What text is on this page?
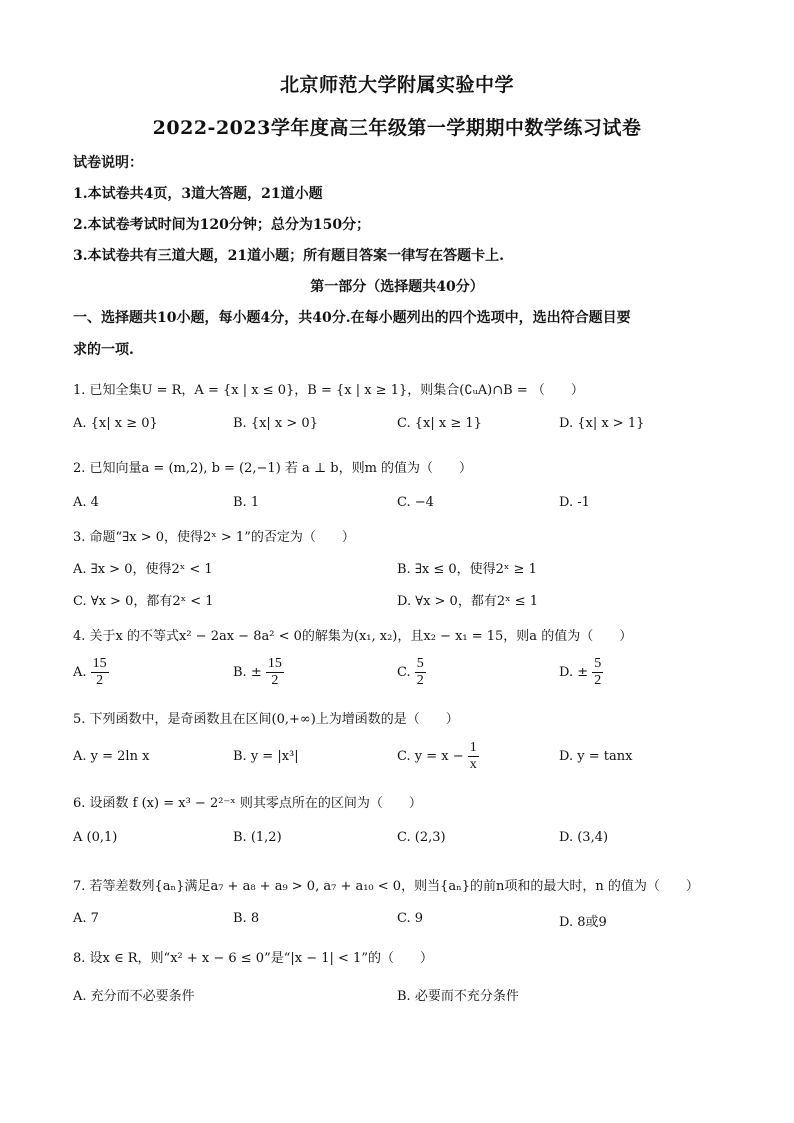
北京师范大学附属实验中学
2022-2023学年度高三年级第一学期期中数学练习试卷
试卷说明：
1.本试卷共4页，3道大答题，21道小题
2.本试卷考试时间为120分钟；总分为150分；
3.本试卷共有三道大题，21道小题；所有题目答案一律写在答题卡上.
第一部分（选择题共40分）
一、选择题共10小题，每小题4分，共40分.在每小题列出的四个选项中，选出符合题目要
求的一项.
1. 已知全集U = R，A = {x | x ≤ 0}，B = {x | x ≥ 1}，则集合(∁ᵤA)∩B = （　　）
A. {x| x ≥ 0}	B. {x| x > 0}	C. {x| x ≥ 1}	D. {x| x > 1}
2. 已知向量a = (m,2), b = (2,−1) 若 a ⊥ b，则m 的值为（　　）
A. 4	B. 1	C. −4	D. -1
3. 命题“∃x > 0，使得2ˣ > 1”的否定为（　　）
A. ∃x > 0，使得2ˣ < 1	B. ∃x ≤ 0，使得2ˣ ≥ 1
C. ∀x > 0，都有2ˣ < 1	D. ∀x > 0，都有2ˣ ≤ 1
4. 关于x 的不等式x² − 2ax − 8a² < 0的解集为(x₁, x₂)，且x₂ − x₁ = 15，则a 的值为（　　）
A. $\frac{15}{2}$	B. ± $\frac{15}{2}$	C. $\frac{5}{2}$	D. ± $\frac{5}{2}$
5. 下列函数中，是奇函数且在区间(0,+∞)上为增函数的是（　　）
A. y = 2ln x	B. y = |x³|	C. $y = x - \frac{1}{x}$	D. y = tanx
6. 设函数 f (x) = x³ − 2²⁻ˣ 则其零点所在的区间为（　　）
A (0,1)	B. (1,2)	C. (2,3)	D. (3,4)
7. 若等差数列{aₙ}满足a₇ + a₈ + a₉ > 0, a₇ + a₁₀ < 0，则当{aₙ}的前n项和的最大时，n 的值为（　　）
A. 7	B. 8	C. 9	D. 8或9
8. 设x ∈ R，则“x² + x − 6 ≤ 0”是“|x − 1| < 1”的（　　）
A. 充分而不必要条件	B. 必要而不充分条件
